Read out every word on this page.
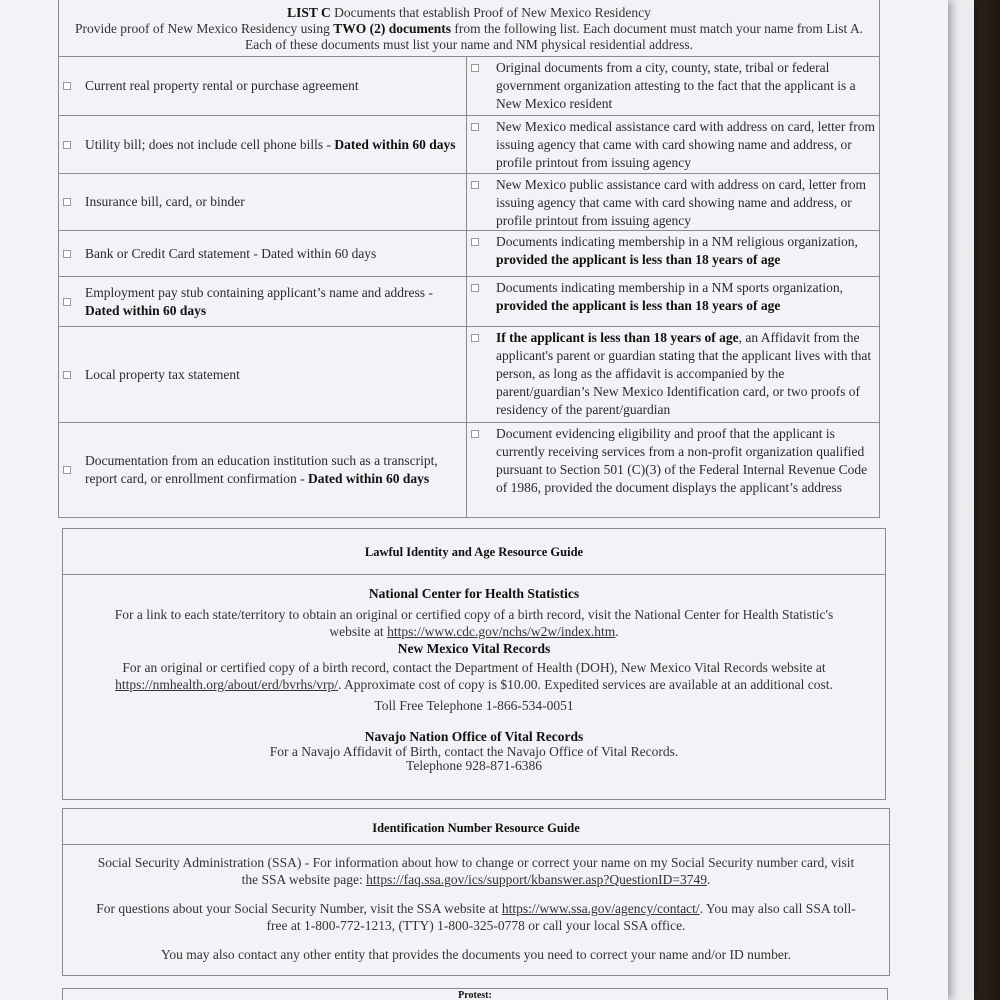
LIST C Documents that establish Proof of New Mexico Residency
Provide proof of New Mexico Residency using TWO (2) documents from the following list. Each document must match your name from List A. Each of these documents must list your name and NM physical residential address.
Current real property rental or purchase agreement
Original documents from a city, county, state, tribal or federal government organization attesting to the fact that the applicant is a New Mexico resident
Utility bill; does not include cell phone bills - Dated within 60 days
New Mexico medical assistance card with address on card, letter from issuing agency that came with card showing name and address, or profile printout from issuing agency
Insurance bill, card, or binder
New Mexico public assistance card with address on card, letter from issuing agency that came with card showing name and address, or profile printout from issuing agency
Bank or Credit Card statement - Dated within 60 days
Documents indicating membership in a NM religious organization, provided the applicant is less than 18 years of age
Employment pay stub containing applicant’s name and address - Dated within 60 days
Documents indicating membership in a NM sports organization, provided the applicant is less than 18 years of age
Local property tax statement
If the applicant is less than 18 years of age, an Affidavit from the applicant's parent or guardian stating that the applicant lives with that person, as long as the affidavit is accompanied by the parent/guardian’s New Mexico Identification card, or two proofs of residency of the parent/guardian
Documentation from an education institution such as a transcript, report card, or enrollment confirmation - Dated within 60 days
Document evidencing eligibility and proof that the applicant is currently receiving services from a non-profit organization qualified pursuant to Section 501 (C)(3) of the Federal Internal Revenue Code of 1986, provided the document displays the applicant’s address
Lawful Identity and Age Resource Guide

National Center for Health Statistics

For a link to each state/territory to obtain an original or certified copy of a birth record, visit the National Center for Health Statistic's website at https://www.cdc.gov/nchs/w2w/index.htm.

New Mexico Vital Records

For an original or certified copy of a birth record, contact the Department of Health (DOH), New Mexico Vital Records website at https://nmhealth.org/about/erd/bvrhs/vrp/. Approximate cost of copy is $10.00. Expedited services are available at an additional cost.

Toll Free Telephone 1-866-534-0051

Navajo Nation Office of Vital Records

For a Navajo Affidavit of Birth, contact the Navajo Office of Vital Records.

Telephone 928-871-6386

Identification Number Resource Guide

Social Security Administration (SSA) - For information about how to change or correct your name on my Social Security number card, visit the SSA website page: https://faq.ssa.gov/ics/support/kbanswer.asp?QuestionID=3749.

For questions about your Social Security Number, visit the SSA website at https://www.ssa.gov/agency/contact/. You may also call SSA toll-free at 1-800-772-1213, (TTY) 1-800-325-0778 or call your local SSA office.

You may also contact any other entity that provides the documents you need to correct your name and/or ID number.

Protest:
